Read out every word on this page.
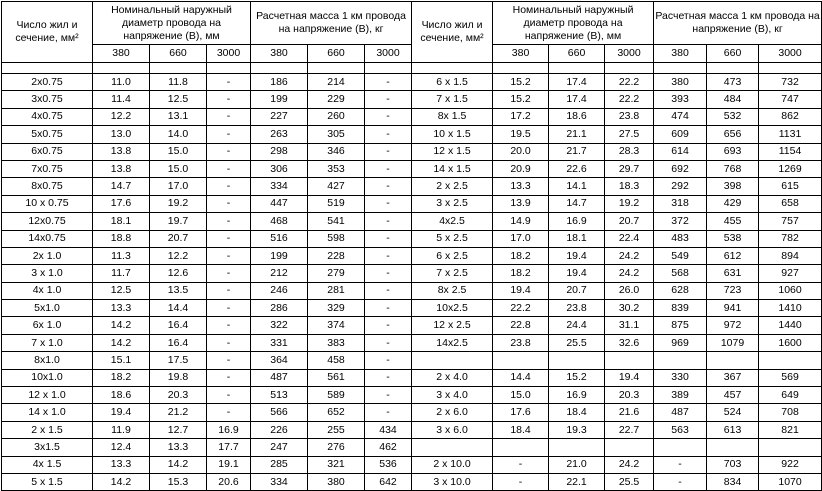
Число жил и сечение, мм²	Номинальный наружный диаметр провода на напряжение (В), мм			Расчетная масса 1 км провода на напряжение (В), кг			Число жил и сечение, мм²	Номинальный наружный диаметр провода на напряжение (В), мм			Расчетная масса 1 км провода на напряжение (В), кг		
	380	660	3000	380	660	3000		380	660	3000	380	660	3000

2x0.75	11.0	11.8	-	186	214	-	6 x 1.5	15.2	17.4	22.2	380	473	732
3x0.75	11.4	12.5	-	199	229	-	7 x 1.5	15.2	17.4	22.2	393	484	747
4x0.75	12.2	13.1	-	227	260	-	8x 1.5	17.2	18.6	23.8	474	532	862
5x0.75	13.0	14.0	-	263	305	-	10 x 1.5	19.5	21.1	27.5	609	656	1131
6x0.75	13.8	15.0	-	298	346	-	12 x 1.5	20.0	21.7	28.3	614	693	1154
7x0.75	13.8	15.0	-	306	353	-	14 x 1.5	20.9	22.6	29.7	692	768	1269
8x0.75	14.7	17.0	-	334	427	-	2 x 2.5	13.3	14.1	18.3	292	398	615
10 x 0.75	17.6	19.2	-	447	519	-	3 x 2.5	13.9	14.7	19.2	318	429	658
12x0.75	18.1	19.7	-	468	541	-	4x2.5	14.9	16.9	20.7	372	455	757
14x0.75	18.8	20.7	-	516	598	-	5 x 2.5	17.0	18.1	22.4	483	538	782
2x 1.0	11.3	12.2	-	199	228	-	6 x 2.5	18.2	19.4	24.2	549	612	894
3 x 1.0	11.7	12.6	-	212	279	-	7 x 2.5	18.2	19.4	24.2	568	631	927
4x 1.0	12.5	13.5	-	246	281	-	8x 2.5	19.4	20.7	26.0	628	723	1060
5x1.0	13.3	14.4	-	286	329	-	10x2.5	22.2	23.8	30.2	839	941	1410
6x 1.0	14.2	16.4	-	322	374	-	12 x 2.5	22.8	24.4	31.1	875	972	1440
7 x 1.0	14.2	16.4	-	331	383	-	14x2.5	23.8	25.5	32.6	969	1079	1600
8x1.0	15.1	17.5	-	364	458	-							
10x1.0	18.2	19.8	-	487	561	-	2 x 4.0	14.4	15.2	19.4	330	367	569
12 x 1.0	18.6	20.3	-	513	589	-	3 x 4.0	15.0	16.9	20.3	389	457	649
14 x 1.0	19.4	21.2	-	566	652	-	2 x 6.0	17.6	18.4	21.6	487	524	708
2 x 1.5	11.9	12.7	16.9	226	255	434	3 x 6.0	18.4	19.3	22.7	563	613	821
3x1.5	12.4	13.3	17.7	247	276	462							
4x 1.5	13.3	14.2	19.1	285	321	536	2 x 10.0	-	21.0	24.2	-	703	922
5 x 1.5	14.2	15.3	20.6	334	380	642	3 x 10.0	-	22.1	25.5	-	834	1070
